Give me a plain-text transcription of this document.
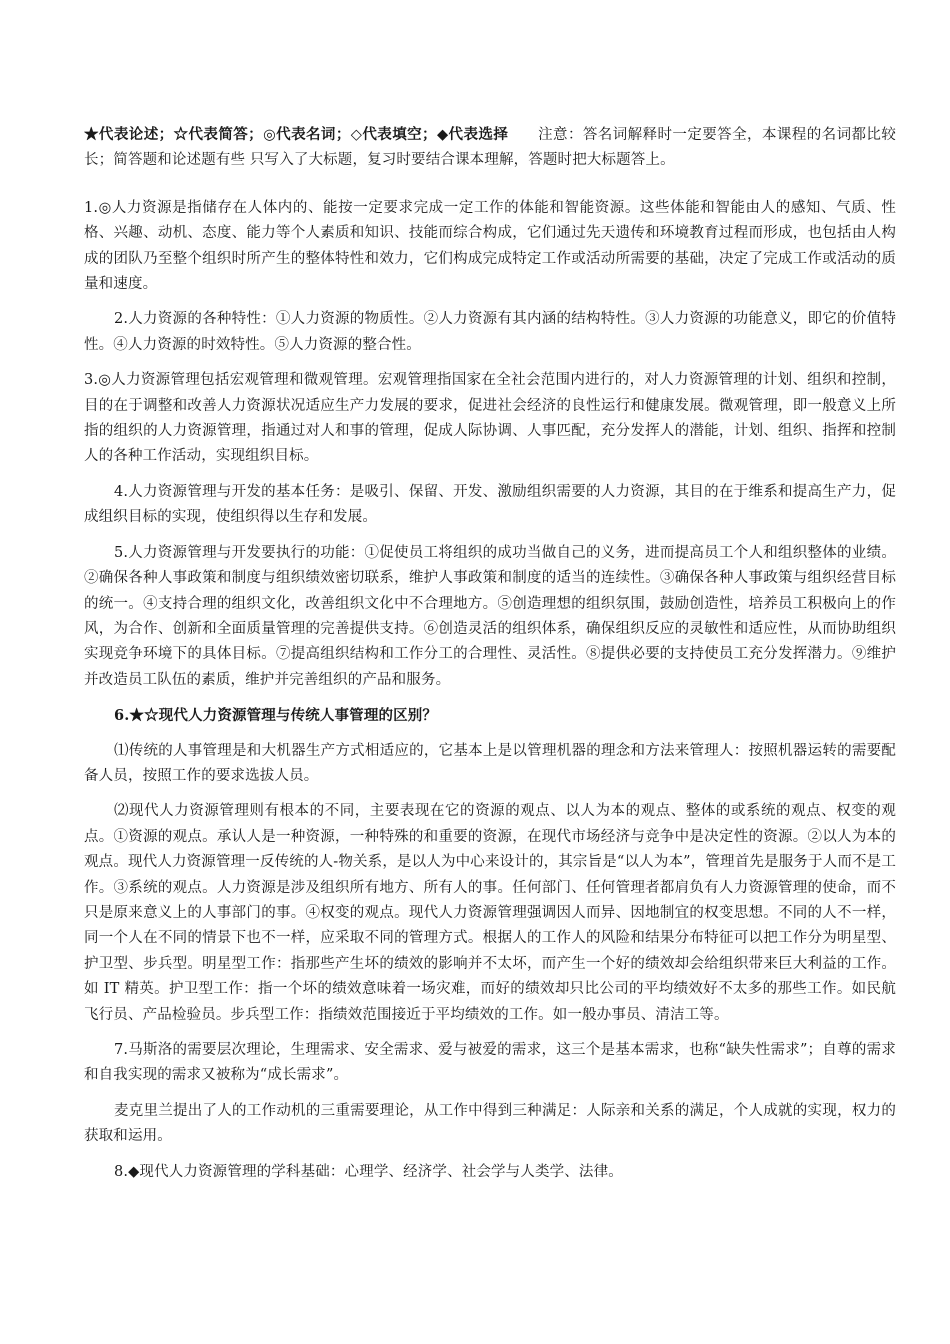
★代表论述；☆代表简答；◎代表名词；◇代表填空；◆代表选择　　注意：答名词解释时一定要答全，本课程的名词都比较长；简答题和论述题有些 只写入了大标题，复习时要结合课本理解，答题时把大标题答上。

1.◎人力资源是指储存在人体内的、能按一定要求完成一定工作的体能和智能资源。这些体能和智能由人的感知、气质、性格、兴趣、动机、态度、能力等个人素质和知识、技能而综合构成，它们通过先天遗传和环境教育过程而形成，也包括由人构成的团队乃至整个组织时所产生的整体特性和效力，它们构成完成特定工作或活动所需要的基础，决定了完成工作或活动的质量和速度。

2.人力资源的各种特性：①人力资源的物质性。②人力资源有其内涵的结构特性。③人力资源的功能意义，即它的价值特性。④人力资源的时效特性。⑤人力资源的整合性。

3.◎人力资源管理包括宏观管理和微观管理。宏观管理指国家在全社会范围内进行的，对人力资源管理的计划、组织和控制，目的在于调整和改善人力资源状况适应生产力发展的要求，促进社会经济的良性运行和健康发展。微观管理，即一般意义上所指的组织的人力资源管理，指通过对人和事的管理，促成人际协调、人事匹配，充分发挥人的潜能，计划、组织、指挥和控制人的各种工作活动，实现组织目标。

4.人力资源管理与开发的基本任务：是吸引、保留、开发、激励组织需要的人力资源，其目的在于维系和提高生产力，促成组织目标的实现，使组织得以生存和发展。

5.人力资源管理与开发要执行的功能：①促使员工将组织的成功当做自己的义务，进而提高员工个人和组织整体的业绩。②确保各种人事政策和制度与组织绩效密切联系，维护人事政策和制度的适当的连续性。③确保各种人事政策与组织经营目标的统一。④支持合理的组织文化，改善组织文化中不合理地方。⑤创造理想的组织氛围，鼓励创造性，培养员工积极向上的作风，为合作、创新和全面质量管理的完善提供支持。⑥创造灵活的组织体系，确保组织反应的灵敏性和适应性，从而协助组织实现竞争环境下的具体目标。⑦提高组织结构和工作分工的合理性、灵活性。⑧提供必要的支持使员工充分发挥潜力。⑨维护并改造员工队伍的素质，维护并完善组织的产品和服务。

6.★☆现代人力资源管理与传统人事管理的区别？

⑴传统的人事管理是和大机器生产方式相适应的，它基本上是以管理机器的理念和方法来管理人：按照机器运转的需要配备人员，按照工作的要求选拔人员。

⑵现代人力资源管理则有根本的不同，主要表现在它的资源的观点、以人为本的观点、整体的或系统的观点、权变的观点。①资源的观点。承认人是一种资源，一种特殊的和重要的资源，在现代市场经济与竞争中是决定性的资源。②以人为本的观点。现代人力资源管理一反传统的人-物关系，是以人为中心来设计的，其宗旨是“以人为本”，管理首先是服务于人而不是工作。③系统的观点。人力资源是涉及组织所有地方、所有人的事。任何部门、任何管理者都肩负有人力资源管理的使命，而不只是原来意义上的人事部门的事。④权变的观点。现代人力资源管理强调因人而异、因地制宜的权变思想。不同的人不一样，同一个人在不同的情景下也不一样，应采取不同的管理方式。根据人的工作人的风险和结果分布特征可以把工作分为明星型、护卫型、步兵型。明星型工作：指那些产生坏的绩效的影响并不太坏，而产生一个好的绩效却会给组织带来巨大利益的工作。如 IT 精英。护卫型工作：指一个坏的绩效意味着一场灾难，而好的绩效却只比公司的平均绩效好不太多的那些工作。如民航飞行员、产品检验员。步兵型工作：指绩效范围接近于平均绩效的工作。如一般办事员、清洁工等。

7.马斯洛的需要层次理论，生理需求、安全需求、爱与被爱的需求，这三个是基本需求，也称“缺失性需求”；自尊的需求和自我实现的需求又被称为“成长需求”。

麦克里兰提出了人的工作动机的三重需要理论，从工作中得到三种满足：人际亲和关系的满足，个人成就的实现，权力的获取和运用。

8.◆现代人力资源管理的学科基础：心理学、经济学、社会学与人类学、法律。
